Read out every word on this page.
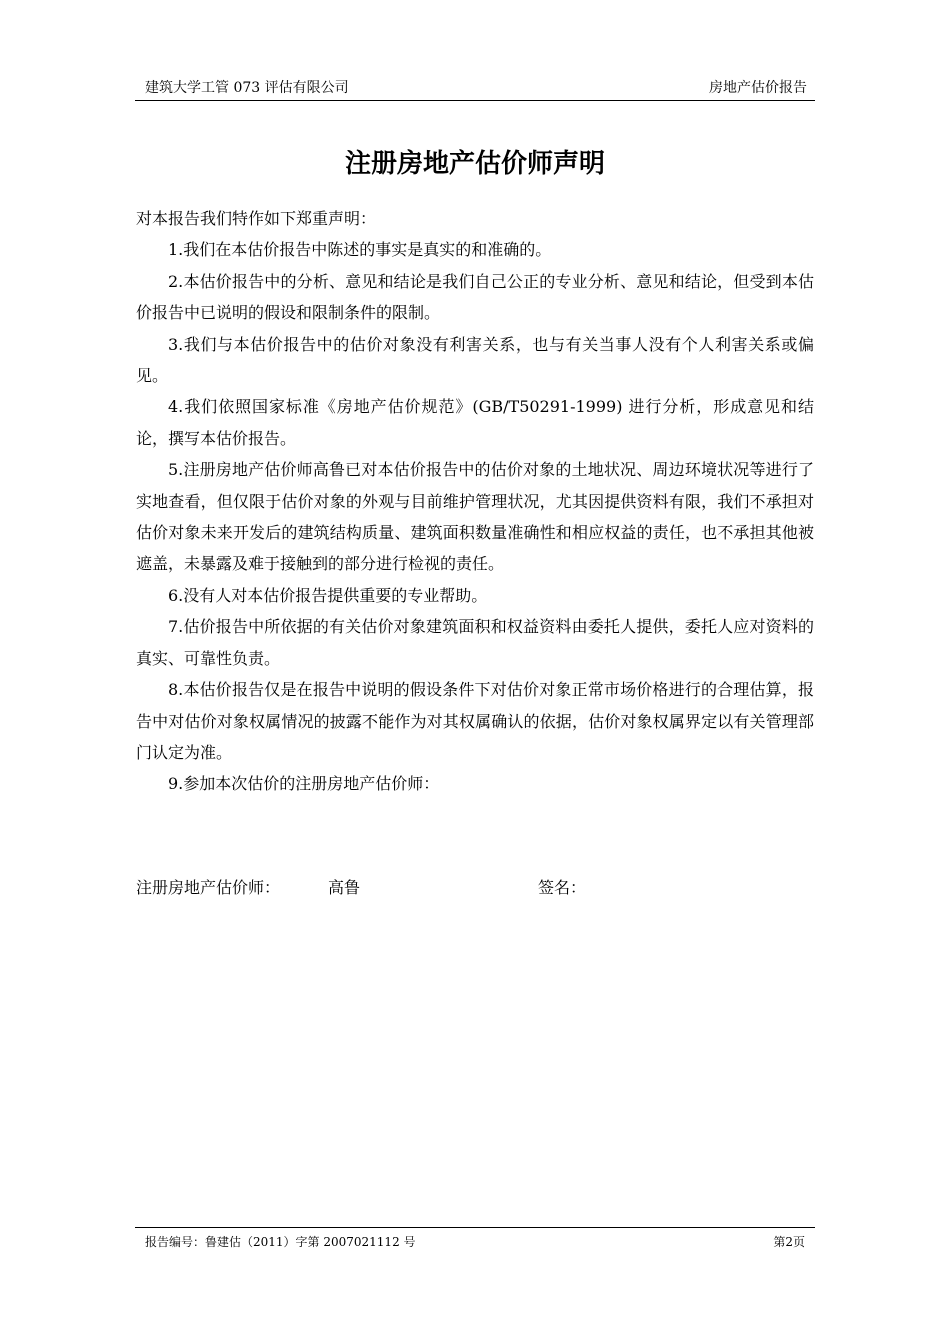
建筑大学工管 073 评估有限公司	房地产估价报告
注册房地产估价师声明

对本报告我们特作如下郑重声明：

1.我们在本估价报告中陈述的事实是真实的和准确的。

2.本估价报告中的分析、意见和结论是我们自己公正的专业分析、意见和结论，但受到本估价报告中已说明的假设和限制条件的限制。

3.我们与本估价报告中的估价对象没有利害关系，也与有关当事人没有个人利害关系或偏见。

4.我们依照国家标准《房地产估价规范》(GB/T50291-1999) 进行分析，形成意见和结论，撰写本估价报告。

5.注册房地产估价师高鲁已对本估价报告中的估价对象的土地状况、周边环境状况等进行了实地查看，但仅限于估价对象的外观与目前维护管理状况，尤其因提供资料有限，我们不承担对估价对象未来开发后的建筑结构质量、建筑面积数量准确性和相应权益的责任，也不承担其他被遮盖，未暴露及难于接触到的部分进行检视的责任。

6.没有人对本估价报告提供重要的专业帮助。

7.估价报告中所依据的有关估价对象建筑面积和权益资料由委托人提供，委托人应对资料的真实、可靠性负责。

8.本估价报告仅是在报告中说明的假设条件下对估价对象正常市场价格进行的合理估算，报告中对估价对象权属情况的披露不能作为对其权属确认的依据，估价对象权属界定以有关管理部门认定为准。

9.参加本次估价的注册房地产估价师：

注册房地产估价师：	高鲁	签名：
报告编号：鲁建估（2011）字第 2007021112 号	第2页
